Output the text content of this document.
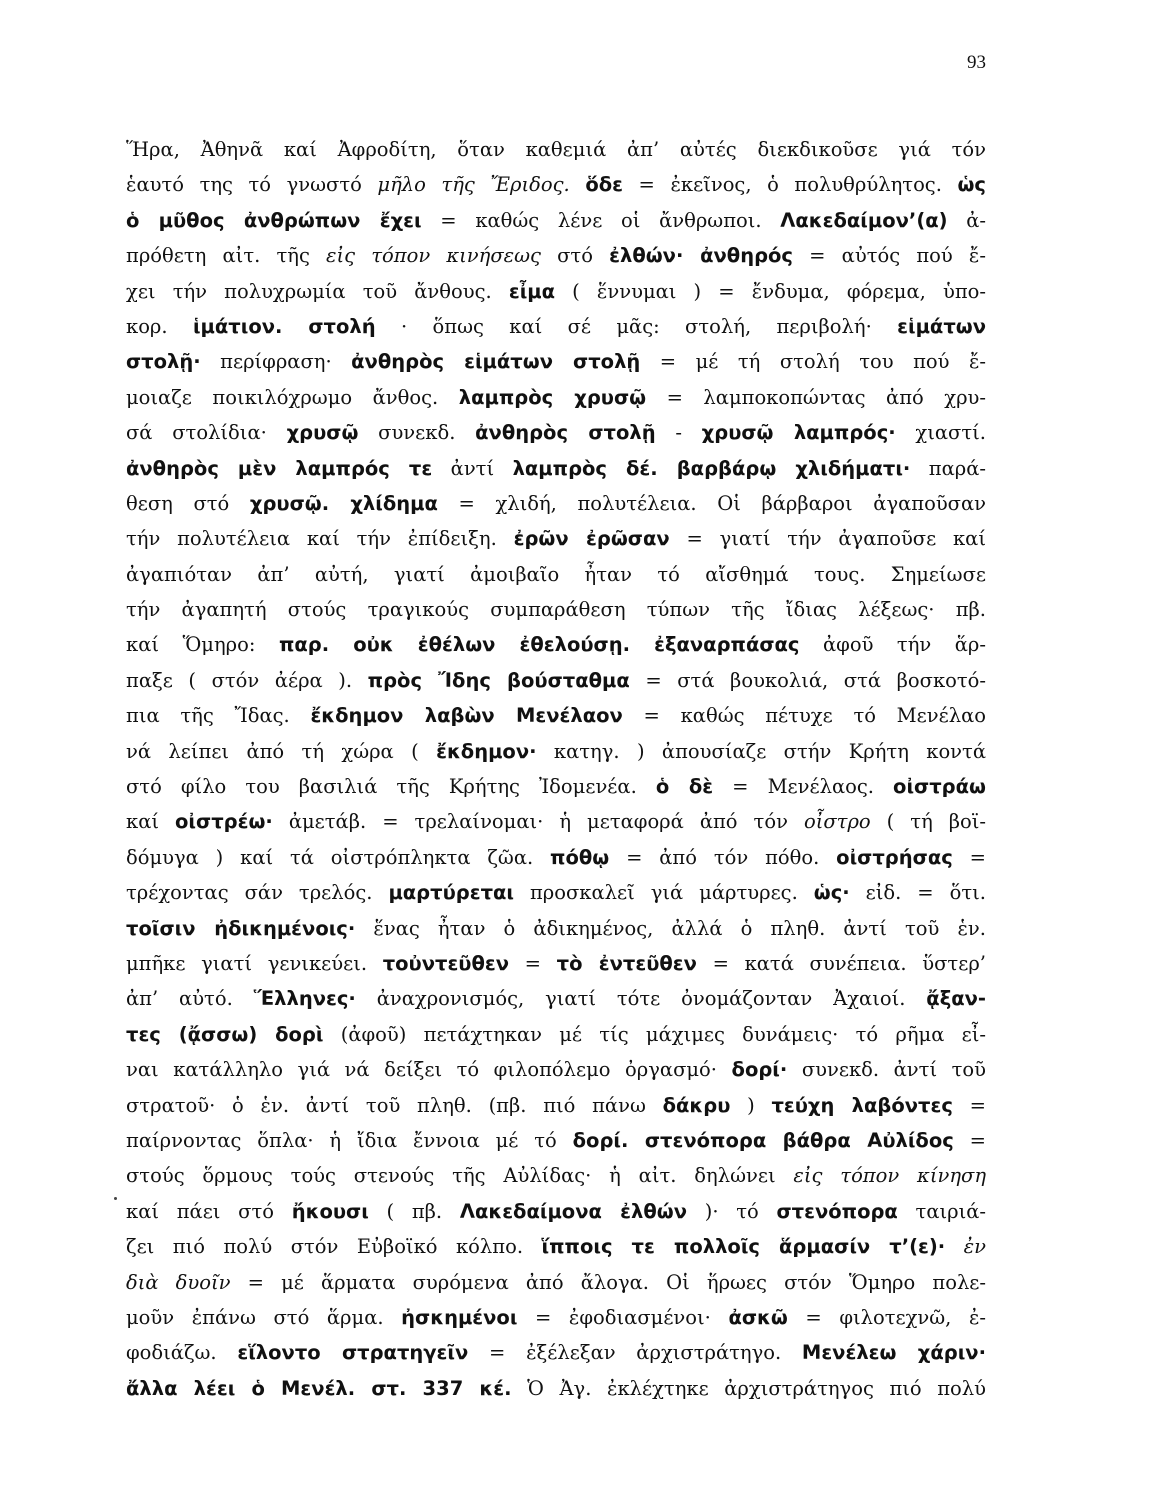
93
Ἥρα, Ἀθηνᾶ καί Ἀφροδίτη, ὅταν καθεμιά ἀπ’ αὐτές διεκδικοῦσε γιά τόν
ἑαυτό της τό γνωστό μῆλο τῆς Ἔριδος. ὅδε = ἐκεῖνος, ὁ πολυθρύλητος. ὡς
ὁ μῦθος ἀνθρώπων ἔχει = καθώς λένε οἱ ἄνθρωποι. Λακεδαίμον’(α) ἀ-
πρόθετη αἰτ. τῆς εἰς τόπον κινήσεως στό ἐλθών· ἀνθηρός = αὐτός πού ἔ-
χει τήν πολυχρωμία τοῦ ἄνθους. εἶμα ( ἕννυμαι ) = ἔνδυμα, φόρεμα, ὑπο-
κορ. ἱμάτιον. στολή · ὅπως καί σέ μᾶς: στολή, περιβολή· εἱμάτων
στολῇ· περίφραση· ἀνθηρὸς εἱμάτων στολῇ = μέ τή στολή του πού ἔ-
μοιαζε ποικιλόχρωμο ἄνθος. λαμπρὸς χρυσῷ = λαμποκοπώντας ἀπό χρυ-
σά στολίδια· χρυσῷ συνεκδ. ἀνθηρὸς στολῇ - χρυσῷ λαμπρός· χιαστί.
ἀνθηρὸς μὲν λαμπρός τε ἀντί λαμπρὸς δέ. βαρβάρῳ χλιδήματι· παρά-
θεση στό χρυσῷ. χλίδημα = χλιδή, πολυτέλεια. Οἱ βάρβαροι ἀγαποῦσαν
τήν πολυτέλεια καί τήν ἐπίδειξη. ἐρῶν ἐρῶσαν = γιατί τήν ἀγαποῦσε καί
ἀγαπιόταν ἀπ’ αὐτή, γιατί ἀμοιβαῖο ἦταν τό αἴσθημά τους. Σημείωσε
τήν ἀγαπητή στούς τραγικούς συμπαράθεση τύπων τῆς ἴδιας λέξεως· πβ.
καί Ὅμηρο: παρ. οὐκ ἐθέλων ἐθελούσῃ. ἐξαναρπάσας ἀφοῦ τήν ἅρ-
παξε ( στόν ἀέρα ). πρὸς Ἴδης βούσταθμα = στά βουκολιά, στά βοσκοτό-
πια τῆς Ἴδας. ἔκδημον λαβὼν Μενέλαον = καθώς πέτυχε τό Μενέλαο
νά λείπει ἀπό τή χώρα ( ἔκδημον· κατηγ. ) ἀπουσίαζε στήν Κρήτη κοντά
στό φίλο του βασιλιά τῆς Κρήτης Ἰδομενέα. ὁ δὲ = Μενέλαος. οἰστράω
καί οἰστρέω· ἀμετάβ. = τρελαίνομαι· ἡ μεταφορά ἀπό τόν οἶστρο ( τή βοϊ-
δόμυγα ) καί τά οἰστρόπληκτα ζῶα. πόθῳ = ἀπό τόν πόθο. οἰστρήσας =
τρέχοντας σάν τρελός. μαρτύρεται προσκαλεῖ γιά μάρτυρες. ὡς· εἰδ. = ὅτι.
τοῖσιν ἠδικημένοις· ἕνας ἦταν ὁ ἀδικημένος, ἀλλά ὁ πληθ. ἀντί τοῦ ἑν.
μπῆκε γιατί γενικεύει. τοὐντεῦθεν = τὸ ἐντεῦθεν = κατά συνέπεια. ὕστερ’
ἀπ’ αὐτό. Ἕλληνες· ἀναχρονισμός, γιατί τότε ὀνομάζονταν Ἀχαιοί. ᾄξαν-
τες (ᾄσσω) δορὶ (ἀφοῦ) πετάχτηκαν μέ τίς μάχιμες δυνάμεις· τό ρῆμα εἶ-
ναι κατάλληλο γιά νά δείξει τό φιλοπόλεμο ὀργασμό· δορί· συνεκδ. ἀντί τοῦ
στρατοῦ· ὁ ἑν. ἀντί τοῦ πληθ. (πβ. πιό πάνω δάκρυ ) τεύχη λαβόντες =
παίρνοντας ὅπλα· ἡ ἴδια ἔννοια μέ τό δορί. στενόπορα βάθρα Αὐλίδος =
στούς ὅρμους τούς στενούς τῆς Αὐλίδας· ἡ αἰτ. δηλώνει εἰς τόπον κίνηση
καί πάει στό ἤκουσι ( πβ. Λακεδαίμονα ἐλθών )· τό στενόπορα ταιριά-
ζει πιό πολύ στόν Εὐβοϊκό κόλπο. ἵπποις τε πολλοῖς ἅρμασίν τ’(ε)· ἐν
διὰ δυοῖν = μέ ἅρματα συρόμενα ἀπό ἄλογα. Οἱ ἥρωες στόν Ὅμηρο πολε-
μοῦν ἐπάνω στό ἅρμα. ἠσκημένοι = ἐφοδιασμένοι· ἀσκῶ = φιλοτεχνῶ, ἐ-
φοδιάζω. εἵλοντο στρατηγεῖν = ἐξέλεξαν ἀρχιστράτηγο. Μενέλεω χάριν·
ἄλλα λέει ὁ Μενέλ. στ. 337 κέ. Ὁ Ἀγ. ἐκλέχτηκε ἀρχιστράτηγος πιό πολύ
